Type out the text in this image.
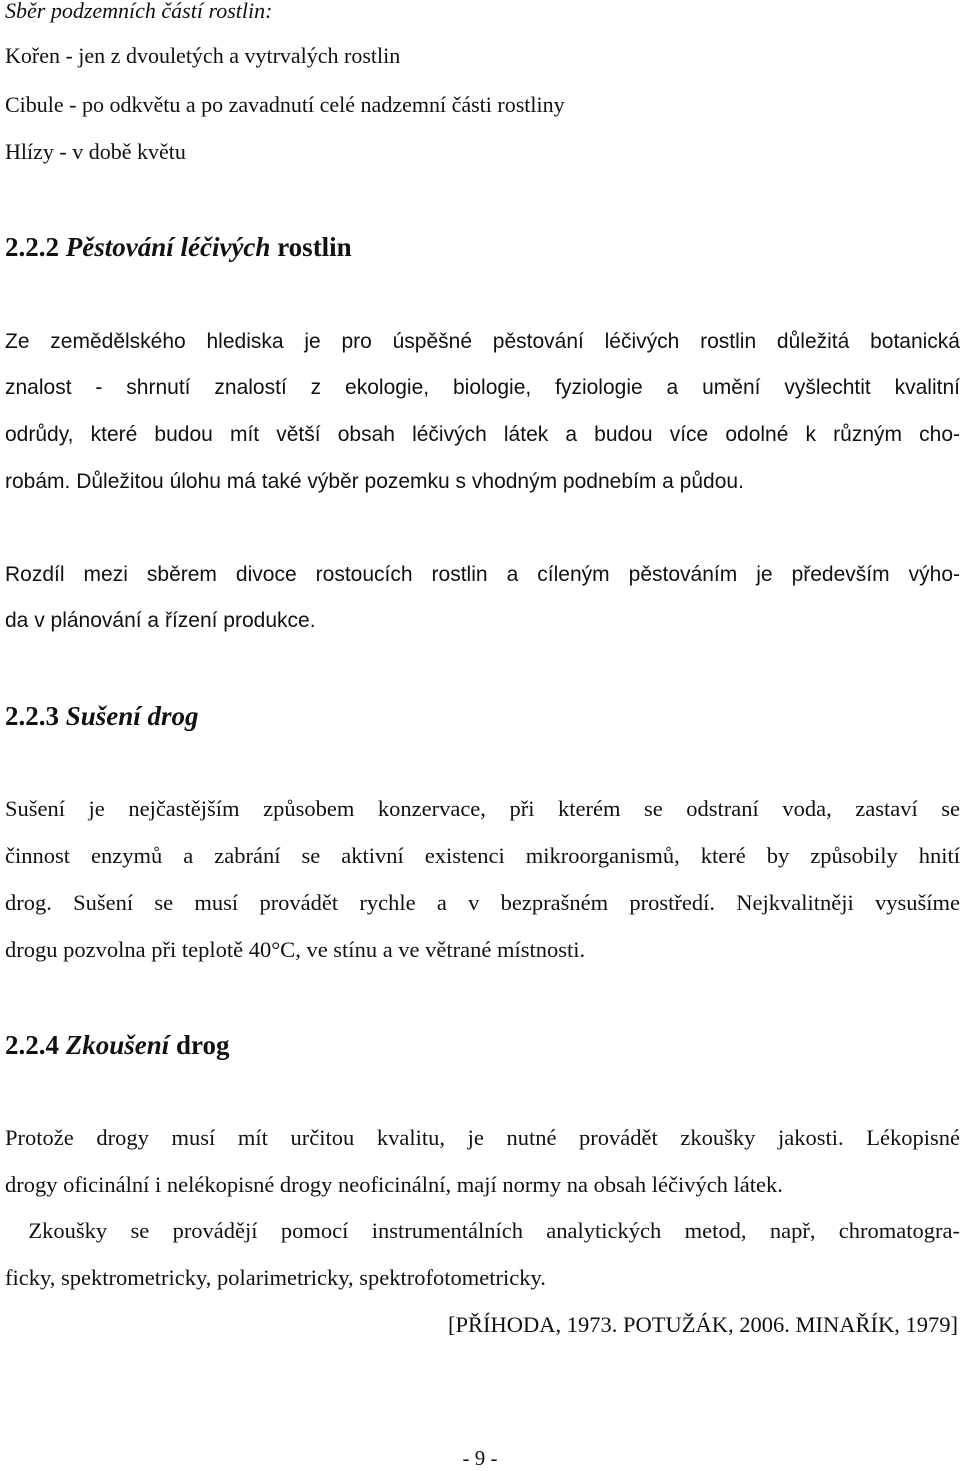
Sběr podzemních částí rostlin:
Kořen - jen z dvouletých a vytrvalých rostlin
Cibule - po odkvětu a po zavadnutí celé nadzemní části rostliny
Hlízy - v době květu
2.2.2 Pěstování léčivých rostlin
Ze zemědělského hlediska je pro úspěšné pěstování léčivých rostlin důležitá botanická
znalost - shrnutí znalostí z ekologie, biologie, fyziologie a umění vyšlechtit kvalitní
odrůdy, které budou mít větší obsah léčivých látek a budou více odolné k různým cho-
robám. Důležitou úlohu má také výběr pozemku s vhodným podnebím a půdou.
Rozdíl mezi sběrem divoce rostoucích rostlin a cíleným pěstováním je především výho-
da v plánování a řízení produkce.
2.2.3 Sušení drog
Sušení je nejčastějším způsobem konzervace, při kterém se odstraní voda, zastaví se
činnost enzymů a zabrání se aktivní existenci mikroorganismů, které by způsobily hnití
drog. Sušení se musí provádět rychle a v bezprašném prostředí. Nejkvalitněji vysušíme
drogu pozvolna při teplotě 40°C, ve stínu a ve větrané místnosti.
2.2.4 Zkoušení drog
Protože drogy musí mít určitou kvalitu, je nutné provádět zkoušky jakosti. Lékopisné
drogy oficinální i nelékopisné drogy neoficinální, mají normy na obsah léčivých látek.
Zkoušky se provádějí pomocí instrumentálních analytických metod, např, chromatogra-
ficky, spektrometricky, polarimetricky, spektrofotometricky.
[PŘÍHODA, 1973. POTUŽÁK, 2006. MINAŘÍK, 1979]
- 9 -
